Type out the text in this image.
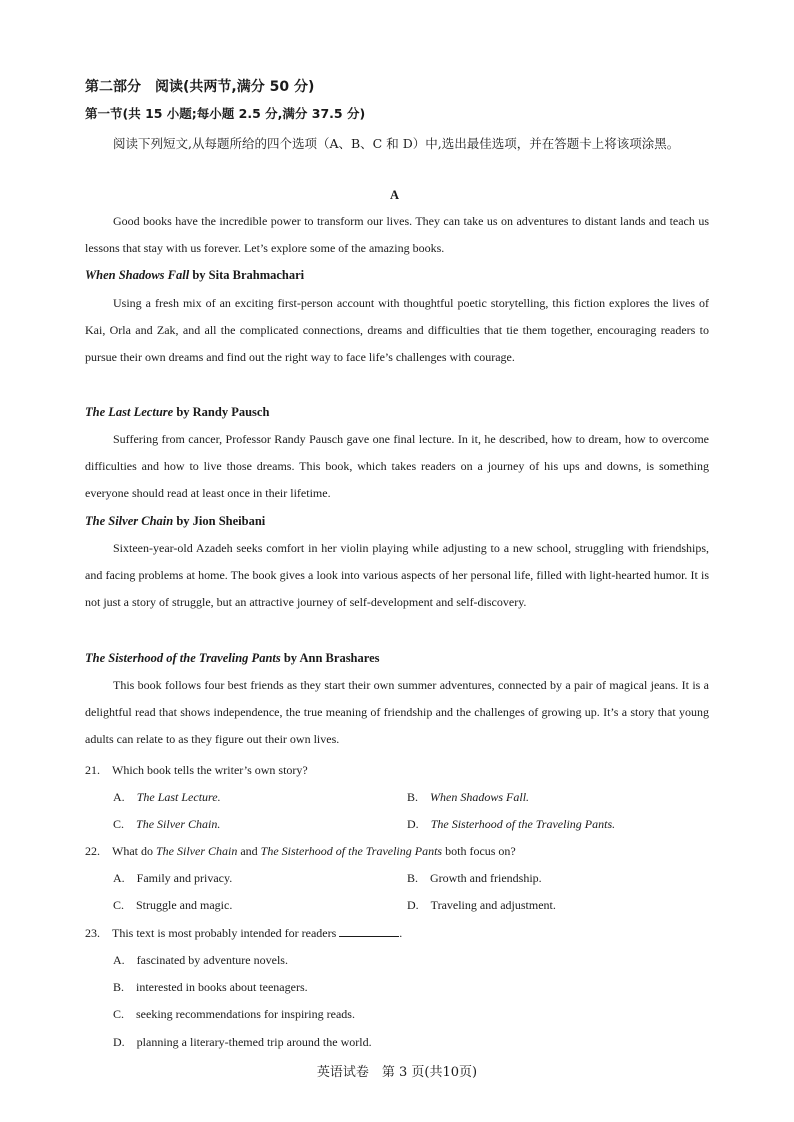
第二部分　阅读(共两节,满分 50 分)
第一节(共 15 小题;每小题 2.5 分,满分 37.5 分)
阅读下列短文,从每题所给的四个选项（A、B、C 和 D）中,选出最佳选项，并在答题卡上将该项涂黑。
A
Good books have the incredible power to transform our lives. They can take us on adventures to distant lands and teach us lessons that stay with us forever. Let’s explore some of the amazing books.
When Shadows Fall by Sita Brahmachari
Using a fresh mix of an exciting first-person account with thoughtful poetic storytelling, this fiction explores the lives of Kai, Orla and Zak, and all the complicated connections, dreams and difficulties that tie them together, encouraging readers to pursue their own dreams and find out the right way to face life’s challenges with courage.
The Last Lecture by Randy Pausch
Suffering from cancer, Professor Randy Pausch gave one final lecture. In it, he described, how to dream, how to overcome difficulties and how to live those dreams. This book, which takes readers on a journey of his ups and downs, is something everyone should read at least once in their lifetime.
The Silver Chain by Jion Sheibani
Sixteen-year-old Azadeh seeks comfort in her violin playing while adjusting to a new school, struggling with friendships, and facing problems at home. The book gives a look into various aspects of her personal life, filled with light-hearted humor. It is not just a story of struggle, but an attractive journey of self-development and self-discovery.
The Sisterhood of the Traveling Pants by Ann Brashares
This book follows four best friends as they start their own summer adventures, connected by a pair of magical jeans. It is a delightful read that shows independence, the true meaning of friendship and the challenges of growing up. It’s a story that young adults can relate to as they figure out their own lives.
21.　Which book tells the writer’s own story?
A.　 The Last Lecture.	B.　 When Shadows Fall.
C.　 The Silver Chain.	D.　 The Sisterhood of the Traveling Pants.
22.　What do The Silver Chain and The Sisterhood of the Traveling Pants both focus on?
A.　Family and privacy.	B.　Growth and friendship.
C.　Struggle and magic.	D.　Traveling and adjustment.
23.　This text is most probably intended for readers	.
A.　fascinated by adventure novels.
B.　interested in books about teenagers.
C.　seeking recommendations for inspiring reads.
D.　planning a literary-themed trip around the world.
英语试卷　第 3 页(共10页)
